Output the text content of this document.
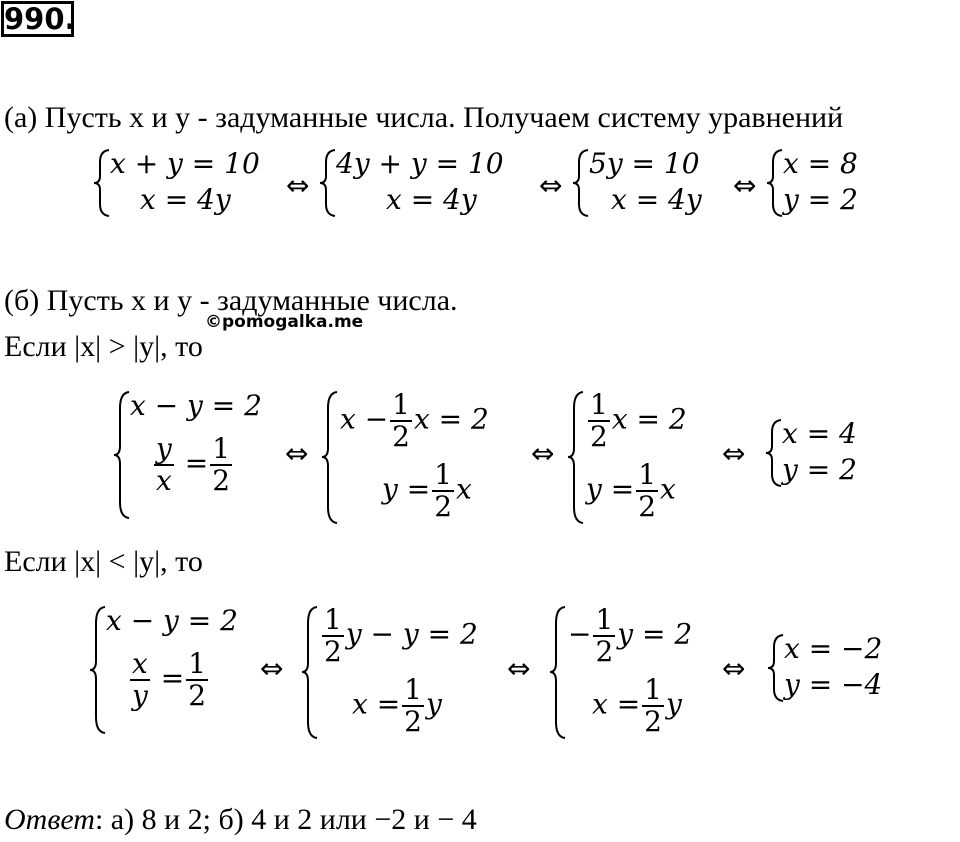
990.
(а) Пусть x и y - задуманные числа. Получаем систему уравнений
x + y = 10
x = 4y ⇔
4y + y = 10
x = 4y ⇔
5y = 10
x = 4y ⇔
x = 8
y = 2
(б) Пусть x и y - задуманные числа.
©pomogalka.me
Если |x| > |y|, то
x − y = 2
$\frac{y}{x} = \frac{1}{2}$ ⇔
$x - \frac{1}{2}$ x = 2
$y = \frac{1}{2}$ x
⇔
$\frac{1}{2}$ x = 2
$y = \frac{1}{2}$ x
⇔
x = 4
y = 2
Если |x| < |y|, то
x − y = 2
$\frac{x}{y} = \frac{1}{2}$ ⇔
$\frac{1}{2}$ y − y = 2
$x = \frac{1}{2}$ y
⇔
− $\frac{1}{2}$ y = 2
$x = \frac{1}{2}$ y
⇔
x = −2
y = −4
Ответ: а) 8 и 2; б) 4 и 2 или −2 и − 4
